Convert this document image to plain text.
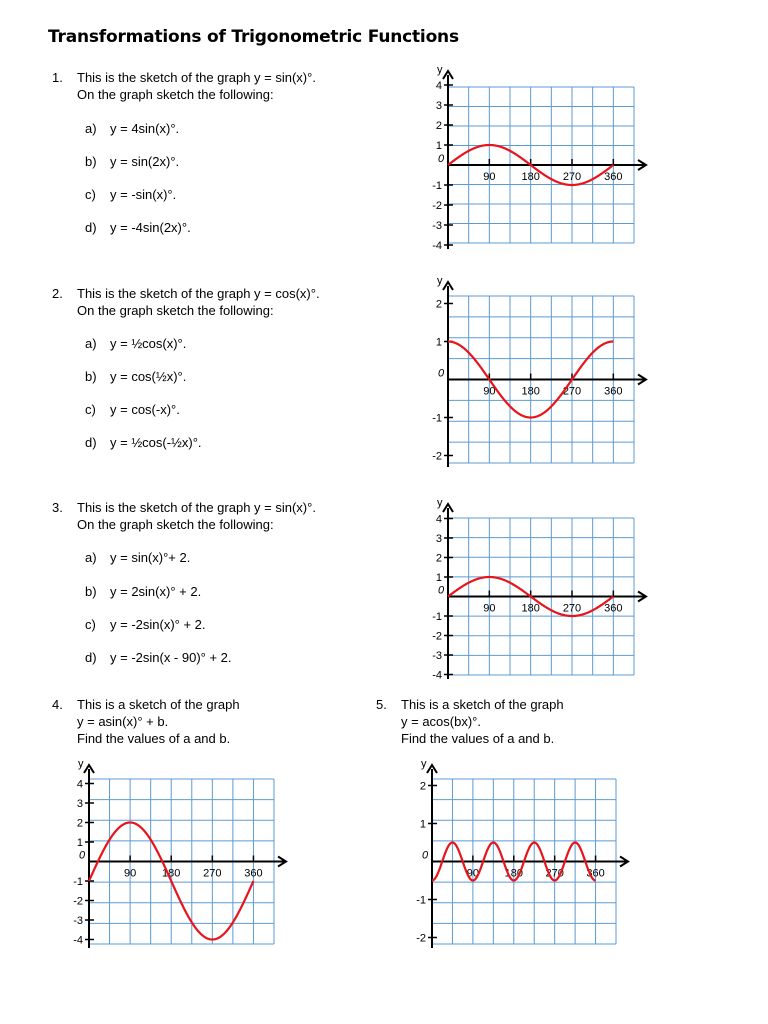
Transformations of Trigonometric Functions
1. This is the sketch of the graph y = sin(x)°.
On the graph sketch the following:
a) y = 4sin(x)°.
b) y = sin(2x)°.
c) y = -sin(x)°.
d) y = -4sin(2x)°.
2. This is the sketch of the graph y = cos(x)°.
On the graph sketch the following:
a) y = ½cos(x)°.
b) y = cos(½x)°.
c) y = cos(-x)°.
d) y = ½cos(-½x)°.
3. This is the sketch of the graph y = sin(x)°.
On the graph sketch the following:
a) y = sin(x)°+ 2.
b) y = 2sin(x)° + 2.
c) y = -2sin(x)° + 2.
d) y = -2sin(x - 90)° + 2.
4. This is a sketch of the graph
y = asin(x)° + b.
Find the values of a and b.
5. This is a sketch of the graph
y = acos(bx)°.
Find the values of a and b.
y
0
4
3
2
1
-1
-2
-3
-4
90 180 270 360
y
0
2
1
-1
-2
90 180 270 360
y
0
4
3
2
1
-1
-2
-3
-4
90 180 270 360
y
0
4
3
2
1
-1
-2
-3
-4
90 180 270 360
y
0
2
1
-1
-2
90 180 270 360
